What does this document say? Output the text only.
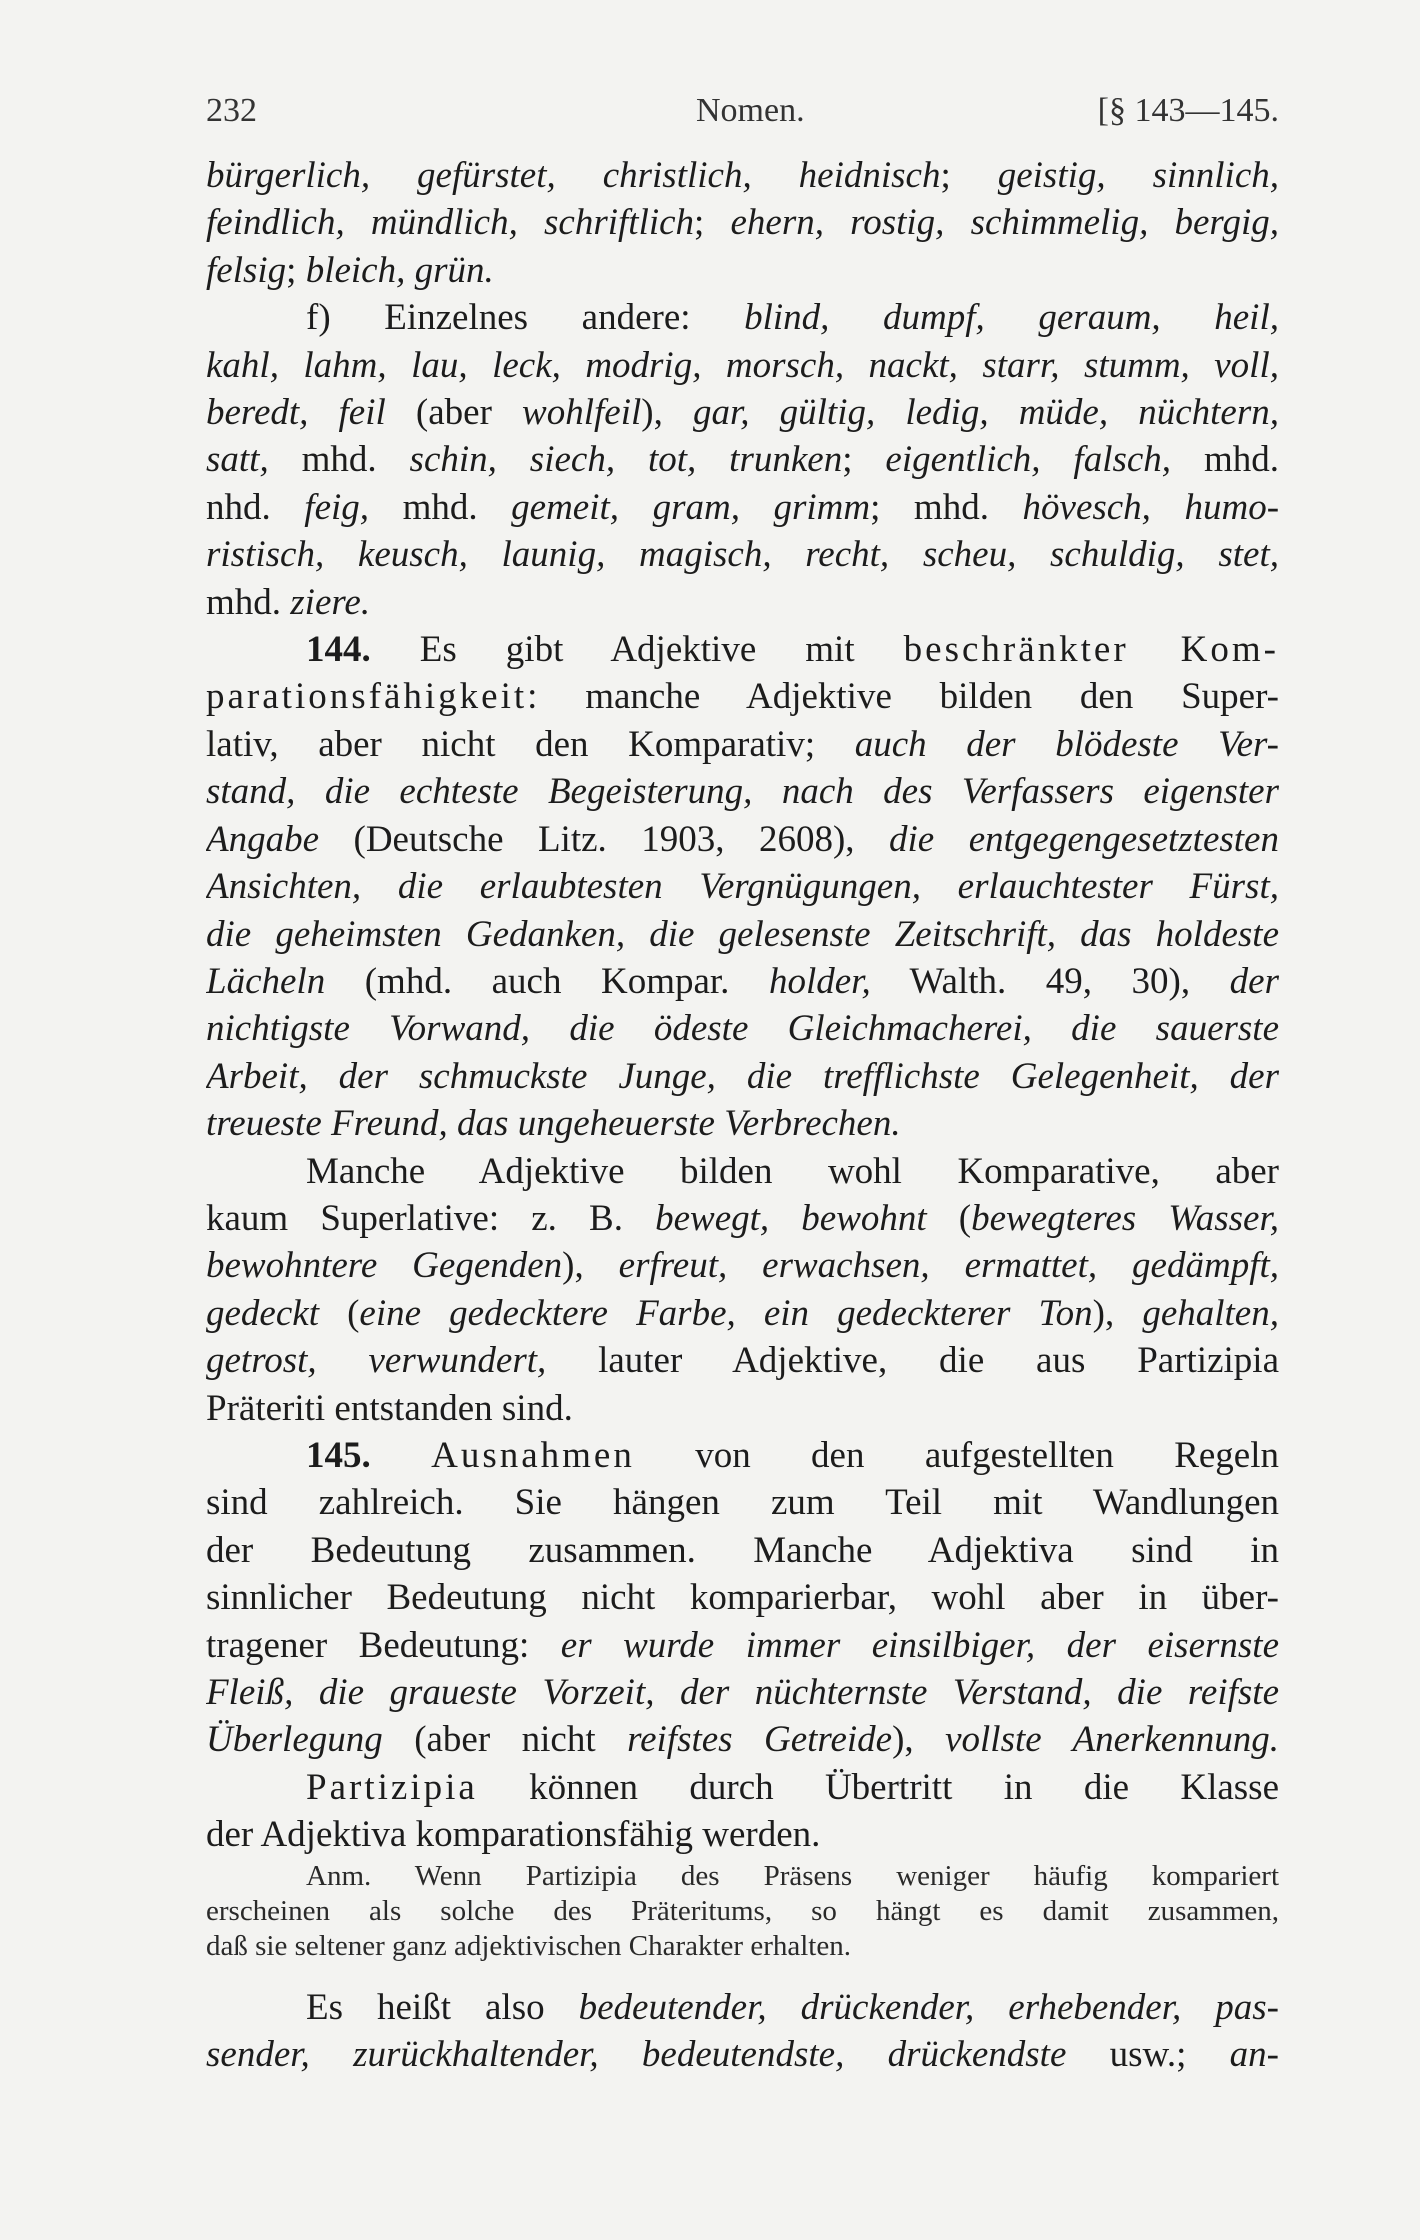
232	Nomen.	[§ 143—145.
bürgerlich, gefürstet, christlich, heidnisch; geistig, sinnlich,
feindlich, mündlich, schriftlich; ehern, rostig, schimmelig, bergig,
felsig; bleich, grün.
f) Einzelnes andere: blind, dumpf, geraum, heil,
kahl, lahm, lau, leck, modrig, morsch, nackt, starr, stumm, voll,
beredt, feil (aber wohlfeil), gar, gültig, ledig, müde, nüchtern,
satt, mhd. schin, siech, tot, trunken; eigentlich, falsch, mhd.
nhd. feig, mhd. gemeit, gram, grimm; mhd. hövesch, humo-
ristisch, keusch, launig, magisch, recht, scheu, schuldig, stet,
mhd. ziere.
144. Es gibt Adjektive mit beschränkter Kom-
parationsfähigkeit: manche Adjektive bilden den Super-
lativ, aber nicht den Komparativ; auch der blödeste Ver-
stand, die echteste Begeisterung, nach des Verfassers eigenster
Angabe (Deutsche Litz. 1903, 2608), die entgegengesetztesten
Ansichten, die erlaubtesten Vergnügungen, erlauchtester Fürst,
die geheimsten Gedanken, die gelesenste Zeitschrift, das holdeste
Lächeln (mhd. auch Kompar. holder, Walth. 49, 30), der
nichtigste Vorwand, die ödeste Gleichmacherei, die sauerste
Arbeit, der schmuckste Junge, die trefflichste Gelegenheit, der
treueste Freund, das ungeheuerste Verbrechen.
Manche Adjektive bilden wohl Komparative, aber
kaum Superlative: z. B. bewegt, bewohnt (bewegteres Wasser,
bewohntere Gegenden), erfreut, erwachsen, ermattet, gedämpft,
gedeckt (eine gedecktere Farbe, ein gedeckterer Ton), gehalten,
getrost, verwundert, lauter Adjektive, die aus Partizipia
Präteriti entstanden sind.
145. Ausnahmen von den aufgestellten Regeln
sind zahlreich. Sie hängen zum Teil mit Wandlungen
der Bedeutung zusammen. Manche Adjektiva sind in
sinnlicher Bedeutung nicht komparierbar, wohl aber in über-
tragener Bedeutung: er wurde immer einsilbiger, der eisernste
Fleiß, die graueste Vorzeit, der nüchternste Verstand, die reifste
Überlegung (aber nicht reifstes Getreide), vollste Anerkennung.
Partizipia können durch Übertritt in die Klasse
der Adjektiva komparationsfähig werden.
Anm. Wenn Partizipia des Präsens weniger häufig kompariert
erscheinen als solche des Präteritums, so hängt es damit zusammen,
daß sie seltener ganz adjektivischen Charakter erhalten.
Es heißt also bedeutender, drückender, erhebender, pas-
sender, zurückhaltender, bedeutendste, drückendste usw.; an-
